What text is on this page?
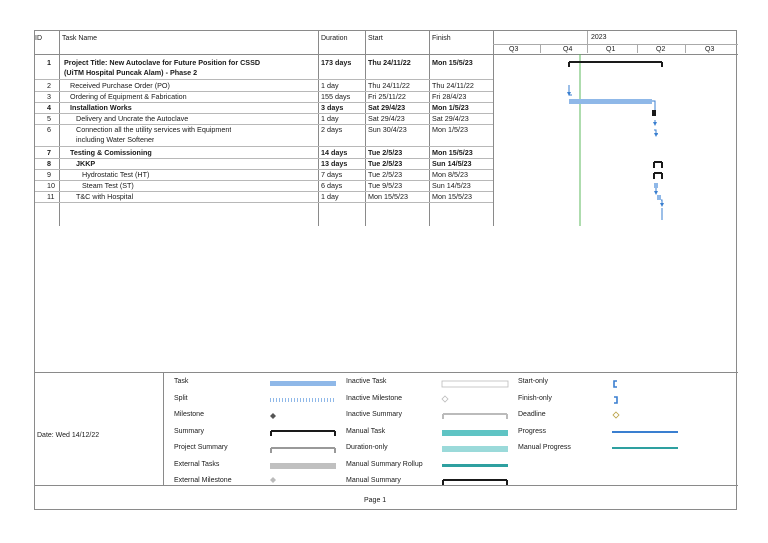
ID	Task Name	Duration	Start	Finish	2023
Q3	Q4	Q1	Q2	Q3
1	Project Title: New Autoclave for Future Position for CSSD	173 days Thu 24/11/22	Mon 15/5/23
(UiTM Hospital Puncak Alam) - Phase 2
2	Received Purchase Order (PO)	1 day	Thu 24/11/22	Thu 24/11/22
3	Ordering of Equipment & Fabrication	155 days Fri 25/11/22	Fri 28/4/23
4	Installation Works	3 days	Sat 29/4/23	Mon 1/5/23
5	Delivery and Uncrate the Autoclave	1 day	Sat 29/4/23	Sat 29/4/23
6	Connection all the utility services with Equipment	2 days	Sun 30/4/23	Mon 1/5/23
including Water Softener
7	Testing & Comissioning	14 days	Tue 2/5/23	Mon 15/5/23
8	JKKP	13 days	Tue 2/5/23	Sun 14/5/23
9	Hydrostatic Test (HT)	7 days	Tue 2/5/23	Mon 8/5/23
10	Steam Test (ST)	6 days	Tue 9/5/23	Sun 14/5/23
11	T&C with Hospital	1 day	Mon 15/5/23	Mon 15/5/23
Date: Wed 14/12/22
Page 1
Task
Split
Milestone
Summary
Project Summary
External Tasks
External Milestone
Inactive Task
Inactive Milestone
Inactive Summary
Manual Task
Duration-only
Manual Summary Rollup
Manual Summary
Start-only
Finish-only
Deadline
Progress
Manual Progress
